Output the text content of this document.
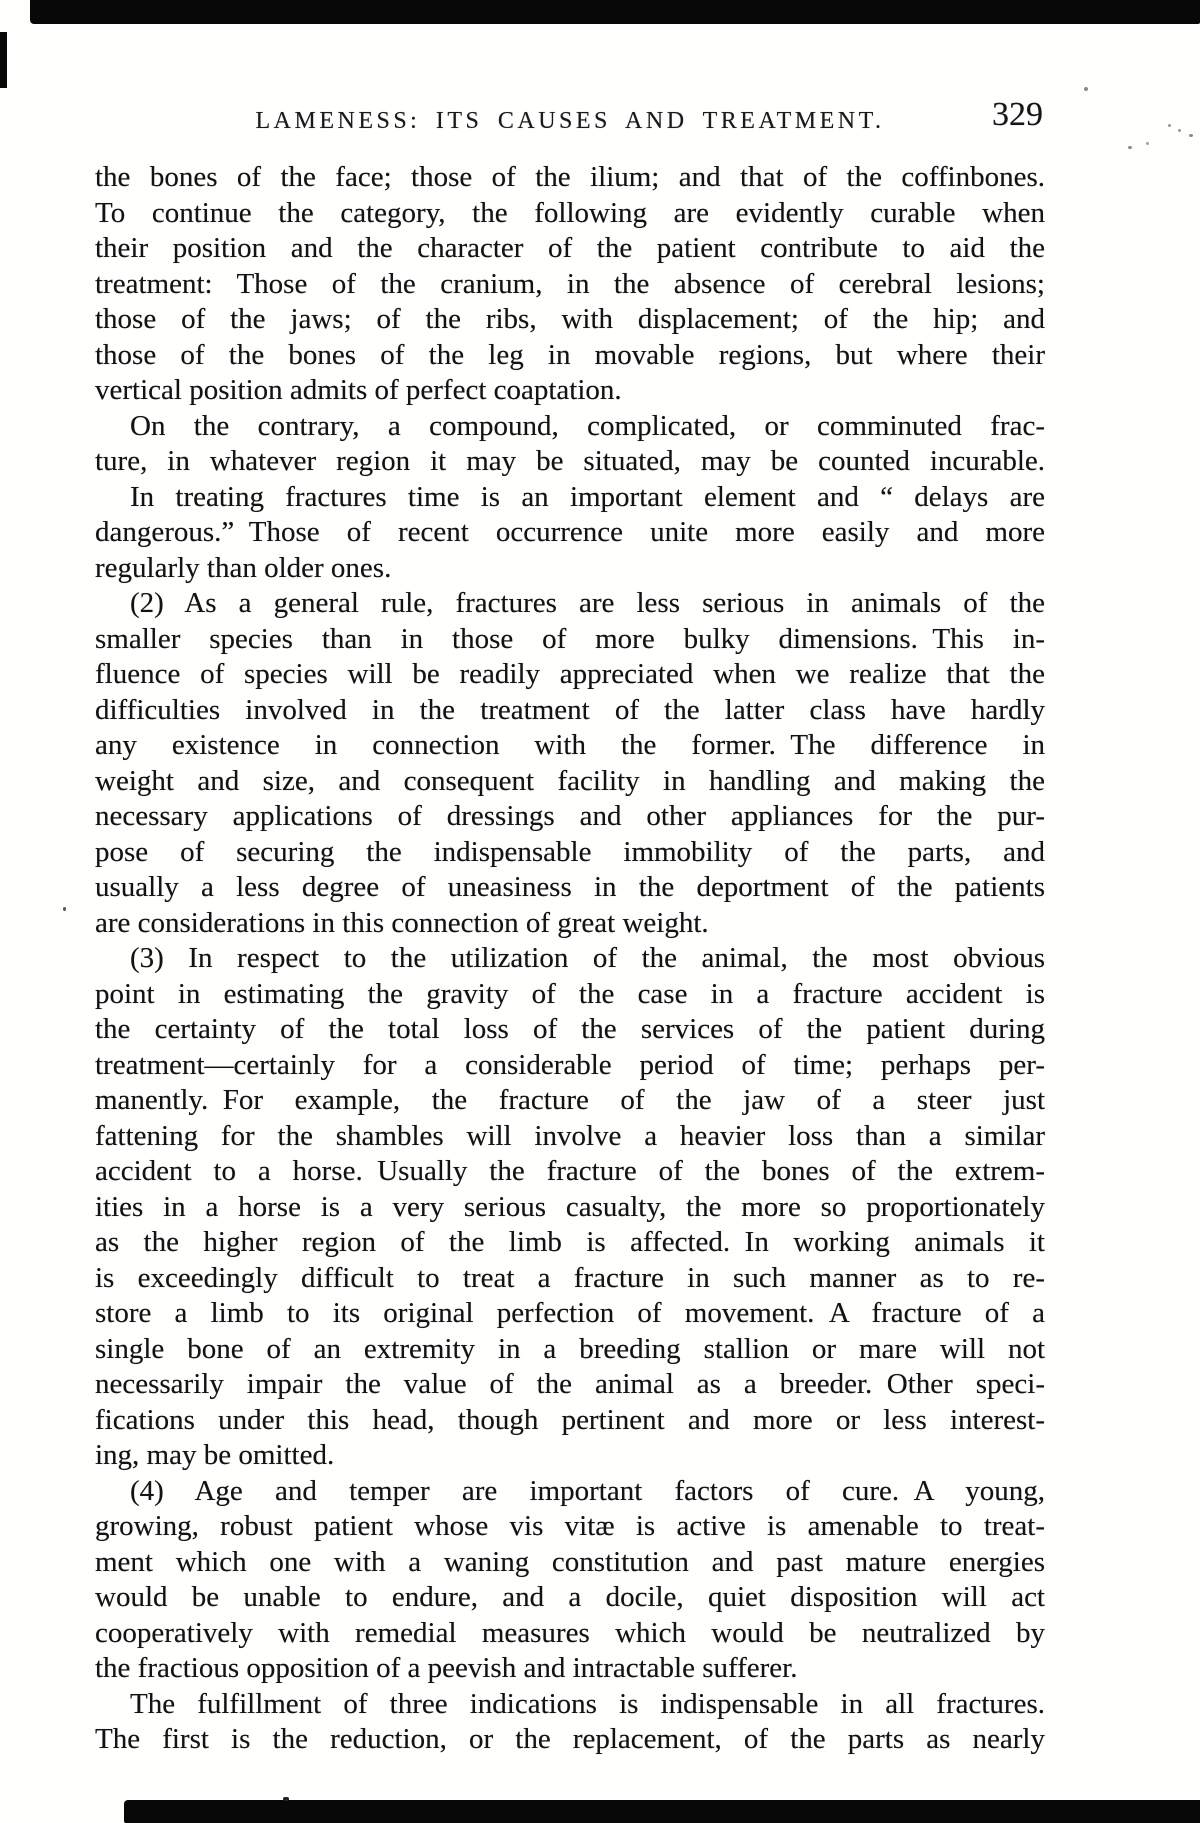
LAMENESS: ITS CAUSES AND TREATMENT.	329
the bones of the face; those of the ilium; and that of the coffinbones.
To continue the category, the following are evidently curable when
their position and the character of the patient contribute to aid the
treatment: Those of the cranium, in the absence of cerebral lesions;
those of the jaws; of the ribs, with displacement; of the hip; and
those of the bones of the leg in movable regions, but where their
vertical position admits of perfect coaptation.
On the contrary, a compound, complicated, or comminuted frac-
ture, in whatever region it may be situated, may be counted incurable.
In treating fractures time is an important element and “ delays are
dangerous.” Those of recent occurrence unite more easily and more
regularly than older ones.
(2) As a general rule, fractures are less serious in animals of the
smaller species than in those of more bulky dimensions. This in-
fluence of species will be readily appreciated when we realize that the
difficulties involved in the treatment of the latter class have hardly
any existence in connection with the former. The difference in
weight and size, and consequent facility in handling and making the
necessary applications of dressings and other appliances for the pur-
pose of securing the indispensable immobility of the parts, and
usually a less degree of uneasiness in the deportment of the patients
are considerations in this connection of great weight.
(3) In respect to the utilization of the animal, the most obvious
point in estimating the gravity of the case in a fracture accident is
the certainty of the total loss of the services of the patient during
treatment—certainly for a considerable period of time; perhaps per-
manently. For example, the fracture of the jaw of a steer just
fattening for the shambles will involve a heavier loss than a similar
accident to a horse. Usually the fracture of the bones of the extrem-
ities in a horse is a very serious casualty, the more so proportionately
as the higher region of the limb is affected. In working animals it
is exceedingly difficult to treat a fracture in such manner as to re-
store a limb to its original perfection of movement. A fracture of a
single bone of an extremity in a breeding stallion or mare will not
necessarily impair the value of the animal as a breeder. Other speci-
fications under this head, though pertinent and more or less interest-
ing, may be omitted.
(4) Age and temper are important factors of cure. A young,
growing, robust patient whose vis vitæ is active is amenable to treat-
ment which one with a waning constitution and past mature energies
would be unable to endure, and a docile, quiet disposition will act
cooperatively with remedial measures which would be neutralized by
the fractious opposition of a peevish and intractable sufferer.
The fulfillment of three indications is indispensable in all fractures.
The first is the reduction, or the replacement, of the parts as nearly
